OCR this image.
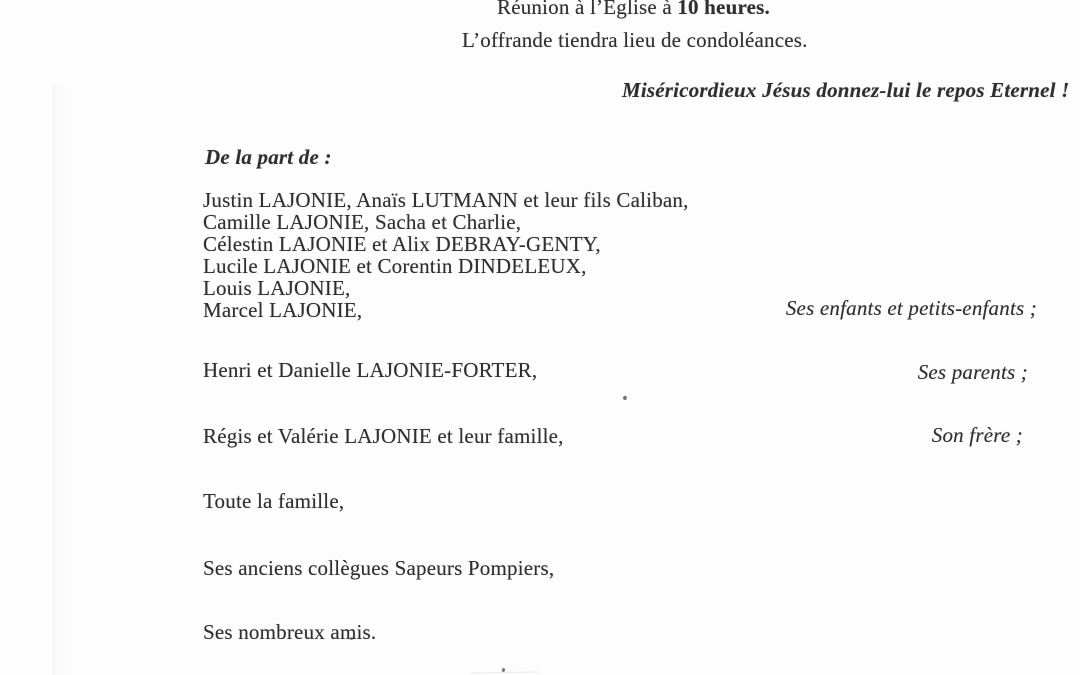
Réunion à l’Eglise à 10 heures.
L’offrande tiendra lieu de condoléances.
Miséricordieux Jésus donnez-lui le repos Eternel !
De la part de :
Justin LAJONIE, Anaïs LUTMANN et leur fils Caliban,
Camille LAJONIE, Sacha et Charlie,
Célestin LAJONIE et Alix DEBRAY-GENTY,
Lucile LAJONIE et Corentin DINDELEUX,
Louis LAJONIE,
Marcel LAJONIE,	Ses enfants et petits-enfants ;
Henri et Danielle LAJONIE-FORTER,	Ses parents ;
Régis et Valérie LAJONIE et leur famille,	Son frère ;
Toute la famille,
Ses anciens collègues Sapeurs Pompiers,
Ses nombreux amis.
